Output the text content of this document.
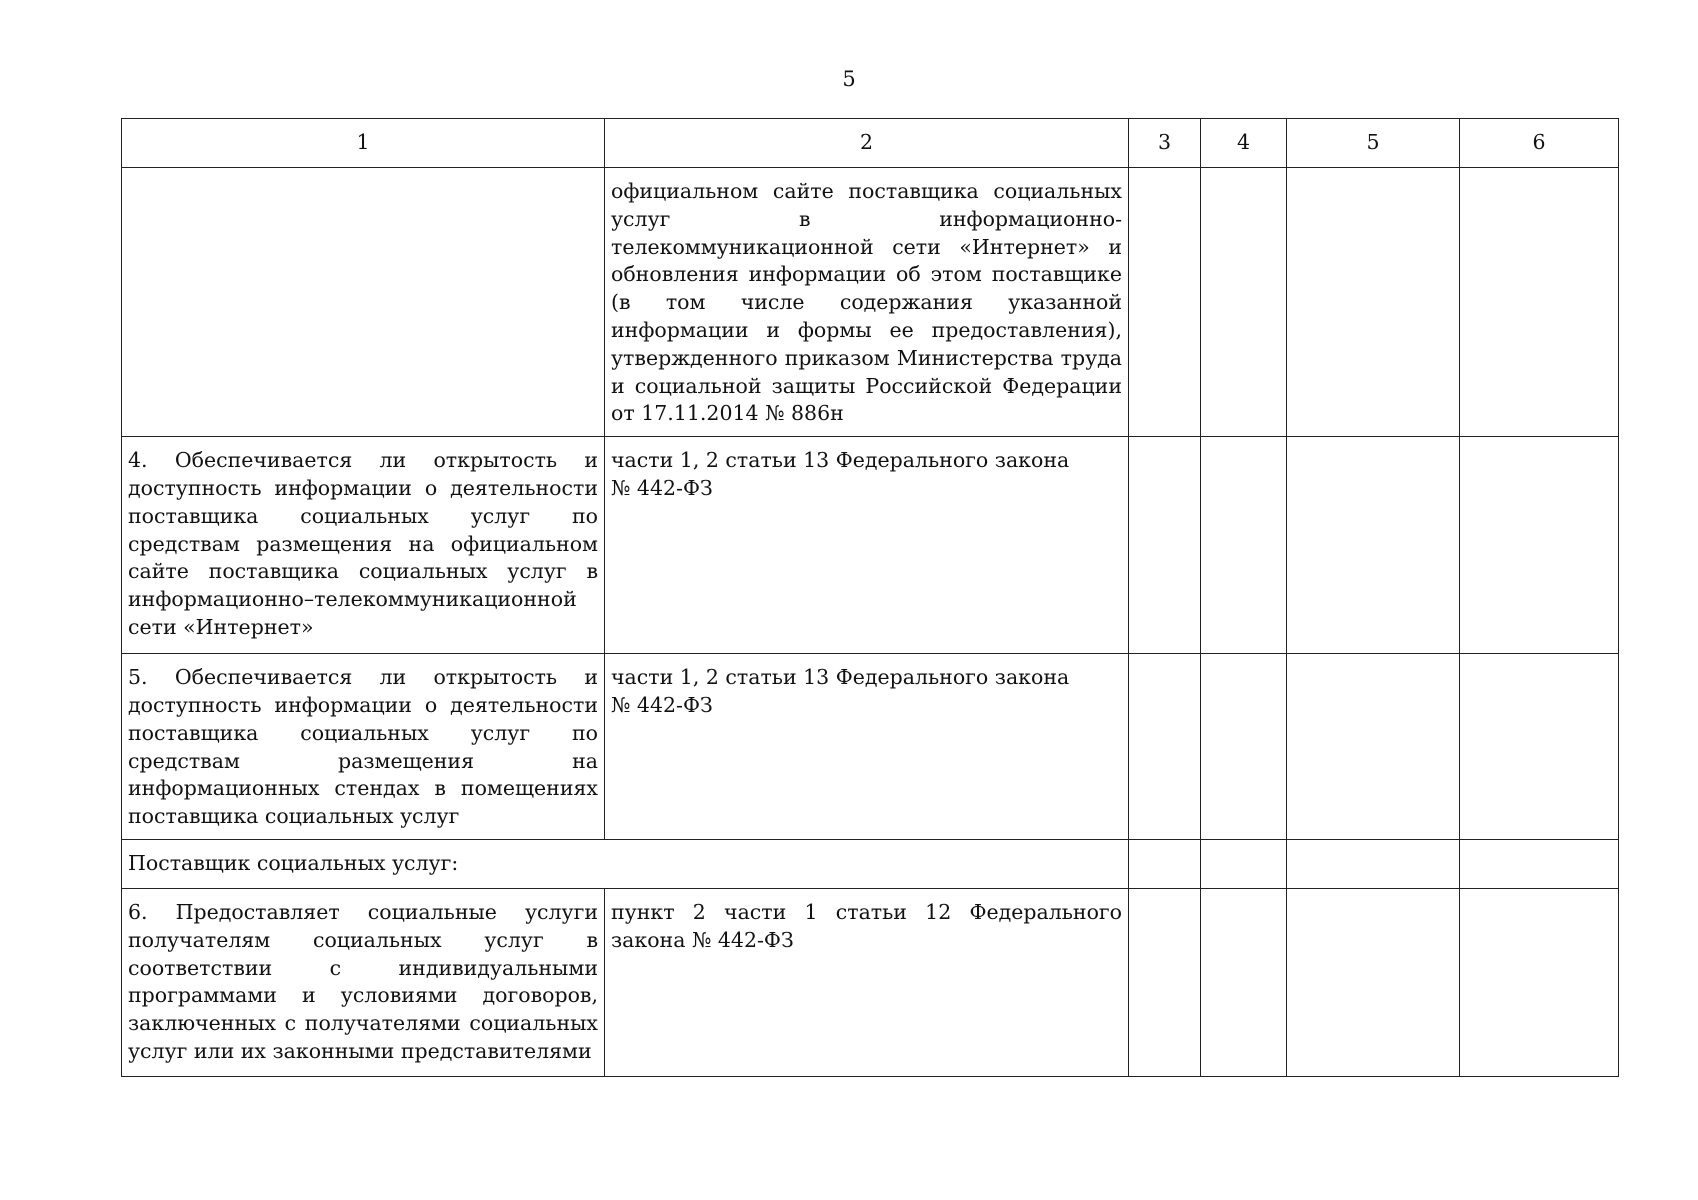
5
1	2	3	4	5	6

	официальном сайте поставщика социальных услуг в информационно-телекоммуникационной сети «Интернет» и обновления информации об этом поставщике (в том числе содержания указанной информации и формы ее предоставления), утвержденного приказом Министерства труда и социальной защиты Российской Федерации от 17.11.2014 № 886н				

4. Обеспечивается ли открытость и доступность информации о деятельности поставщика социальных услуг по средствам размещения на официальном сайте поставщика социальных услуг в информационно–телекоммуникационной сети «Интернет»	части 1, 2 статьи 13 Федерального закона
№ 442-ФЗ				

5. Обеспечивается ли открытость и доступность информации о деятельности поставщика социальных услуг по средствам размещения на информационных стендах в помещениях поставщика социальных услуг	части 1, 2 статьи 13 Федерального закона
№ 442-ФЗ				

Поставщик социальных услуг:					

6. Предоставляет социальные услуги получателям социальных услуг в соответствии с индивидуальными программами и условиями договоров, заключенных с получателями социальных услуг или их законными представителями	пункт 2 части 1 статьи 12 Федерального закона № 442-ФЗ				
